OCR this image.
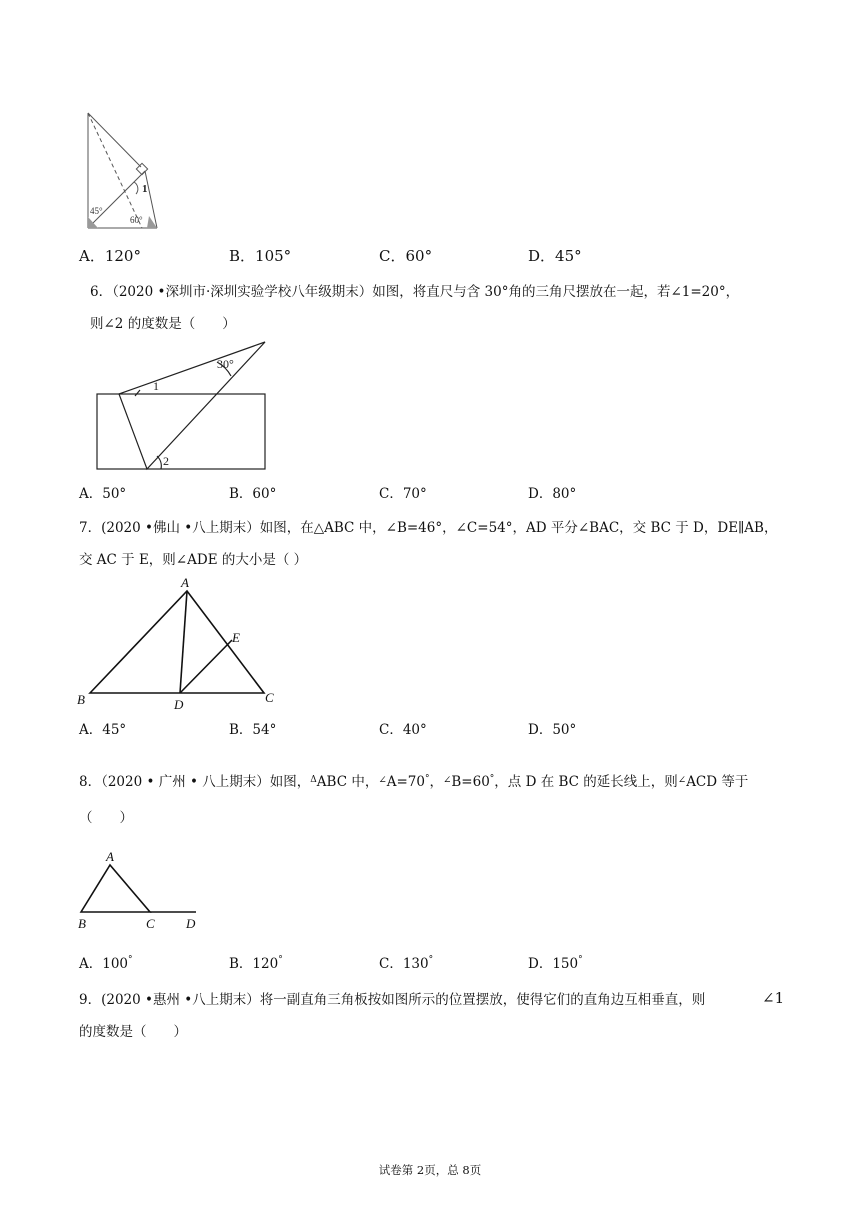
45°
60°
1
A．120°	B．105°	C．60°	D．45°
6．（2020 •深圳市·深圳实验学校八年级期末）如图，将直尺与含 30°角的三角尺摆放在一起，若∠1=20°，
则∠2 的度数是（　　）
30°
1
2
A．50°	B．60°	C．70°	D．80°
7．(2020 •佛山 •八上期末）如图，在△ABC 中，∠B=46°，∠C=54°，AD 平分∠BAC，交 BC 于 D，DE∥AB，
交 AC 于 E，则∠ADE 的大小是（ ）
A
B	C
D
E
A．45°	B．54°	C．40°	D．50°
8．（2020 • 广州 • 八上期末）如图，$^\Delta$ABC 中，∠A=70°，∠B=60°，点 D 在 BC 的延长线上，则∠ACD 等于
（　　）
A
B	C D
A．100°	B．120°	C．130°	D．150°
9．(2020 •惠州 •八上期末）将一副直角三角板按如图所示的位置摆放，使得它们的直角边互相垂直，则	∠1
的度数是（　　）
试卷第 2页，总 8页
